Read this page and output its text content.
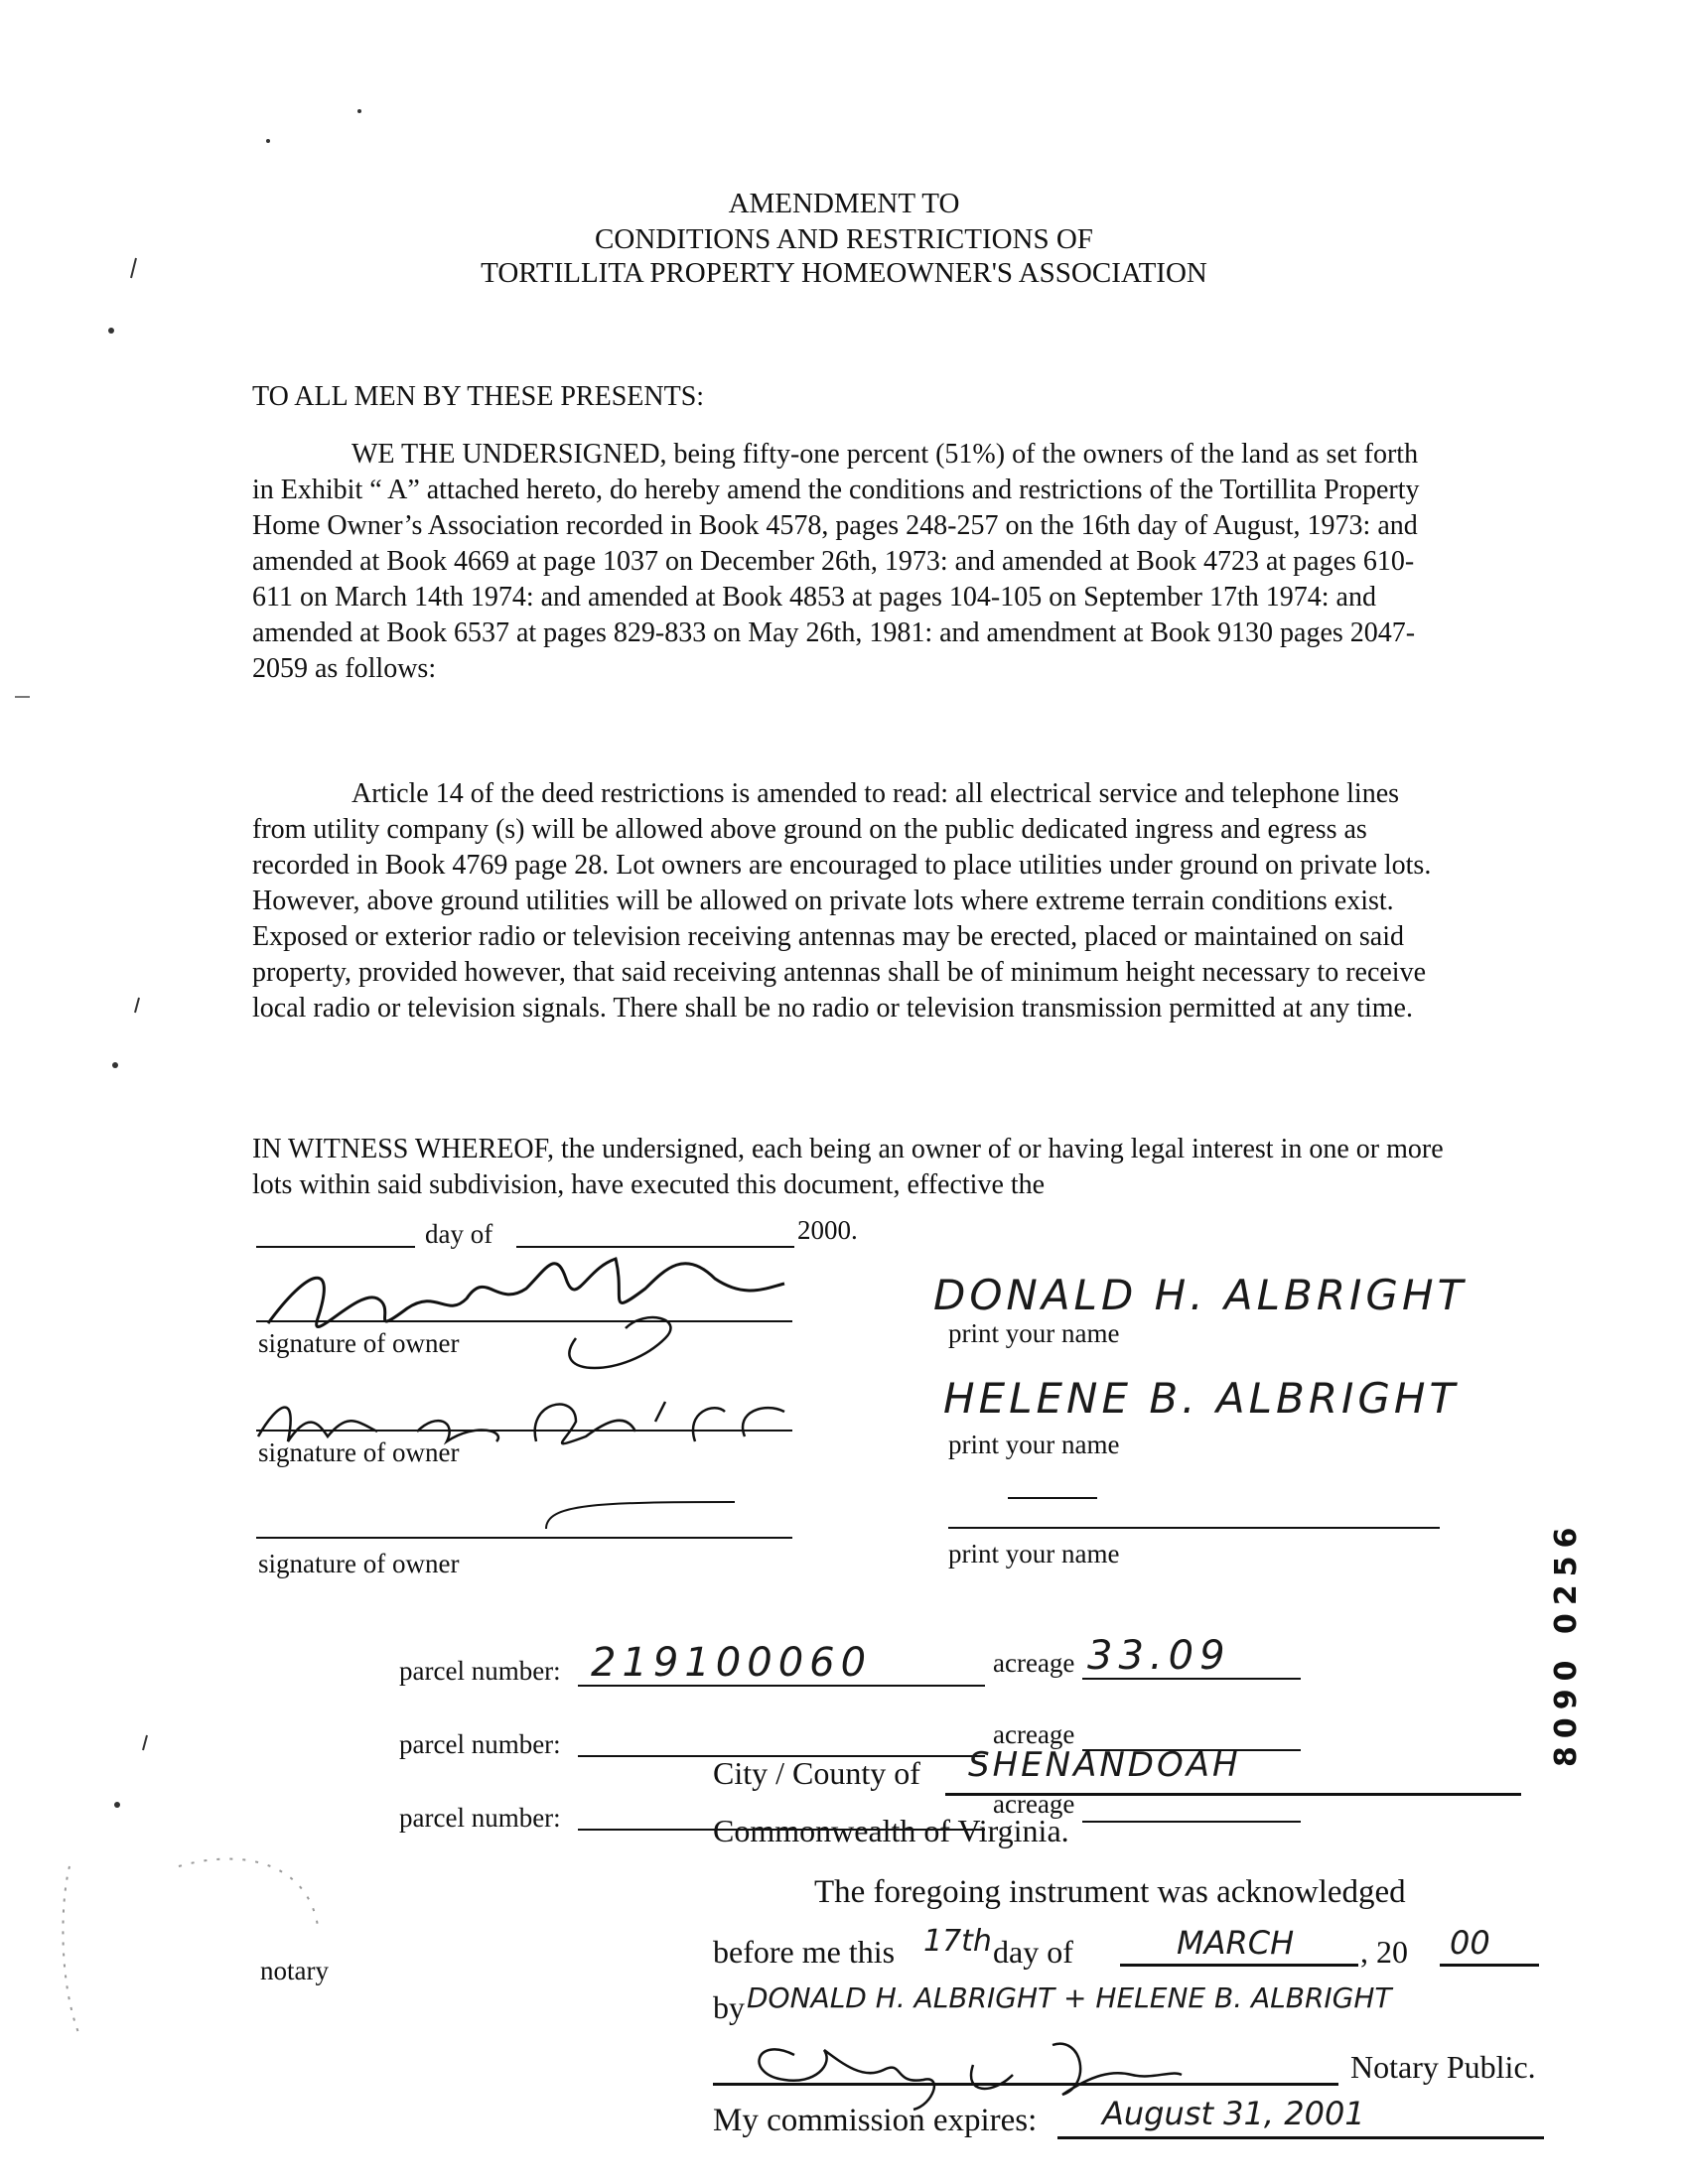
AMENDMENT TO
CONDITIONS AND RESTRICTIONS OF
TORTILLITA PROPERTY HOMEOWNER'S ASSOCIATION
TO ALL MEN BY THESE PRESENTS:
WE THE UNDERSIGNED, being fifty-one percent (51%) of the owners of the land as set forth in Exhibit “ A” attached hereto, do hereby amend the conditions and restrictions of the Tortillita Property Home Owner’s Association recorded in Book 4578, pages 248-257 on the 16th day of August, 1973: and amended at Book 4669 at page 1037 on December 26th, 1973: and amended at Book 4723 at pages 610-611 on March 14th 1974: and amended at Book 4853 at pages 104-105 on September 17th 1974: and amended at Book 6537 at pages 829-833 on May 26th, 1981: and amendment at Book 9130 pages 2047-2059 as follows:
Article 14 of the deed restrictions is amended to read: all electrical service and telephone lines from utility company (s) will be allowed above ground on the public dedicated ingress and egress as recorded in Book 4769 page 28. Lot owners are encouraged to place utilities under ground on private lots. However, above ground utilities will be allowed on private lots where extreme terrain conditions exist. Exposed or exterior radio or television receiving antennas may be erected, placed or maintained on said property, provided however, that said receiving antennas shall be of minimum height necessary to receive local radio or television signals. There shall be no radio or television transmission permitted at any time.
IN WITNESS WHEREOF, the undersigned, each being an owner of or having legal interest in one or more lots within said subdivision, have executed this document, effective the
day of	2000.
signature of owner
DONALD H. ALBRIGHT
print your name
signature of owner
HELENE B. ALBRIGHT
print your name
signature of owner	print your name
parcel number: 219100060	acreage 33.09
parcel number:	acreage
parcel number:	acreage
City / County of SHENANDOAH
Commonwealth of Virginia.
The foregoing instrument was acknowledged
before me this 17th day of	MARCH , 20 00
notary
by DONALD H. ALBRIGHT + HELENE B. ALBRIGHT
Notary Public.
My commission expires: August 31, 2001
8090 0256
